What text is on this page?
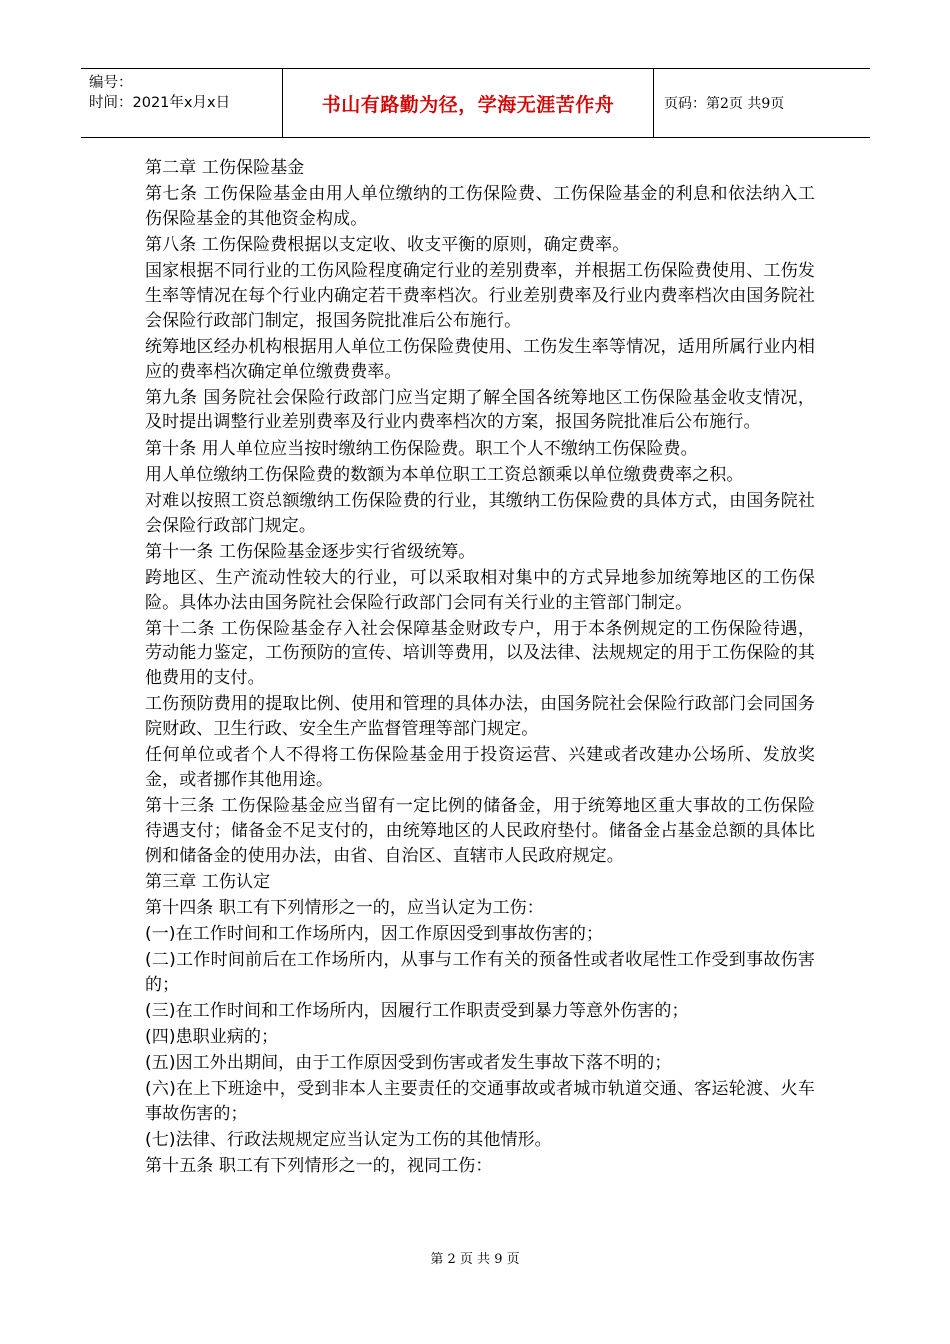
编号：
时间：2021年x月x日	书山有路勤为径，学海无涯苦作舟	页码：第2页 共9页

第二章 工伤保险基金

第七条 工伤保险基金由用人单位缴纳的工伤保险费、工伤保险基金的利息和依法纳入工伤保险基金的其他资金构成。

第八条 工伤保险费根据以支定收、收支平衡的原则，确定费率。

国家根据不同行业的工伤风险程度确定行业的差别费率，并根据工伤保险费使用、工伤发生率等情况在每个行业内确定若干费率档次。行业差别费率及行业内费率档次由国务院社会保险行政部门制定，报国务院批准后公布施行。

统筹地区经办机构根据用人单位工伤保险费使用、工伤发生率等情况，适用所属行业内相应的费率档次确定单位缴费费率。

第九条 国务院社会保险行政部门应当定期了解全国各统筹地区工伤保险基金收支情况，及时提出调整行业差别费率及行业内费率档次的方案，报国务院批准后公布施行。

第十条 用人单位应当按时缴纳工伤保险费。职工个人不缴纳工伤保险费。

用人单位缴纳工伤保险费的数额为本单位职工工资总额乘以单位缴费费率之积。

对难以按照工资总额缴纳工伤保险费的行业，其缴纳工伤保险费的具体方式，由国务院社会保险行政部门规定。

第十一条 工伤保险基金逐步实行省级统筹。

跨地区、生产流动性较大的行业，可以采取相对集中的方式异地参加统筹地区的工伤保险。具体办法由国务院社会保险行政部门会同有关行业的主管部门制定。

第十二条 工伤保险基金存入社会保障基金财政专户，用于本条例规定的工伤保险待遇，劳动能力鉴定，工伤预防的宣传、培训等费用，以及法律、法规规定的用于工伤保险的其他费用的支付。

工伤预防费用的提取比例、使用和管理的具体办法，由国务院社会保险行政部门会同国务院财政、卫生行政、安全生产监督管理等部门规定。

任何单位或者个人不得将工伤保险基金用于投资运营、兴建或者改建办公场所、发放奖金，或者挪作其他用途。

第十三条 工伤保险基金应当留有一定比例的储备金，用于统筹地区重大事故的工伤保险待遇支付；储备金不足支付的，由统筹地区的人民政府垫付。储备金占基金总额的具体比例和储备金的使用办法，由省、自治区、直辖市人民政府规定。

第三章 工伤认定

第十四条 职工有下列情形之一的，应当认定为工伤：

(一)在工作时间和工作场所内，因工作原因受到事故伤害的；

(二)工作时间前后在工作场所内，从事与工作有关的预备性或者收尾性工作受到事故伤害的；

(三)在工作时间和工作场所内，因履行工作职责受到暴力等意外伤害的；

(四)患职业病的；

(五)因工外出期间，由于工作原因受到伤害或者发生事故下落不明的；

(六)在上下班途中，受到非本人主要责任的交通事故或者城市轨道交通、客运轮渡、火车事故伤害的；

(七)法律、行政法规规定应当认定为工伤的其他情形。

第十五条 职工有下列情形之一的，视同工伤：

第 2 页 共 9 页
